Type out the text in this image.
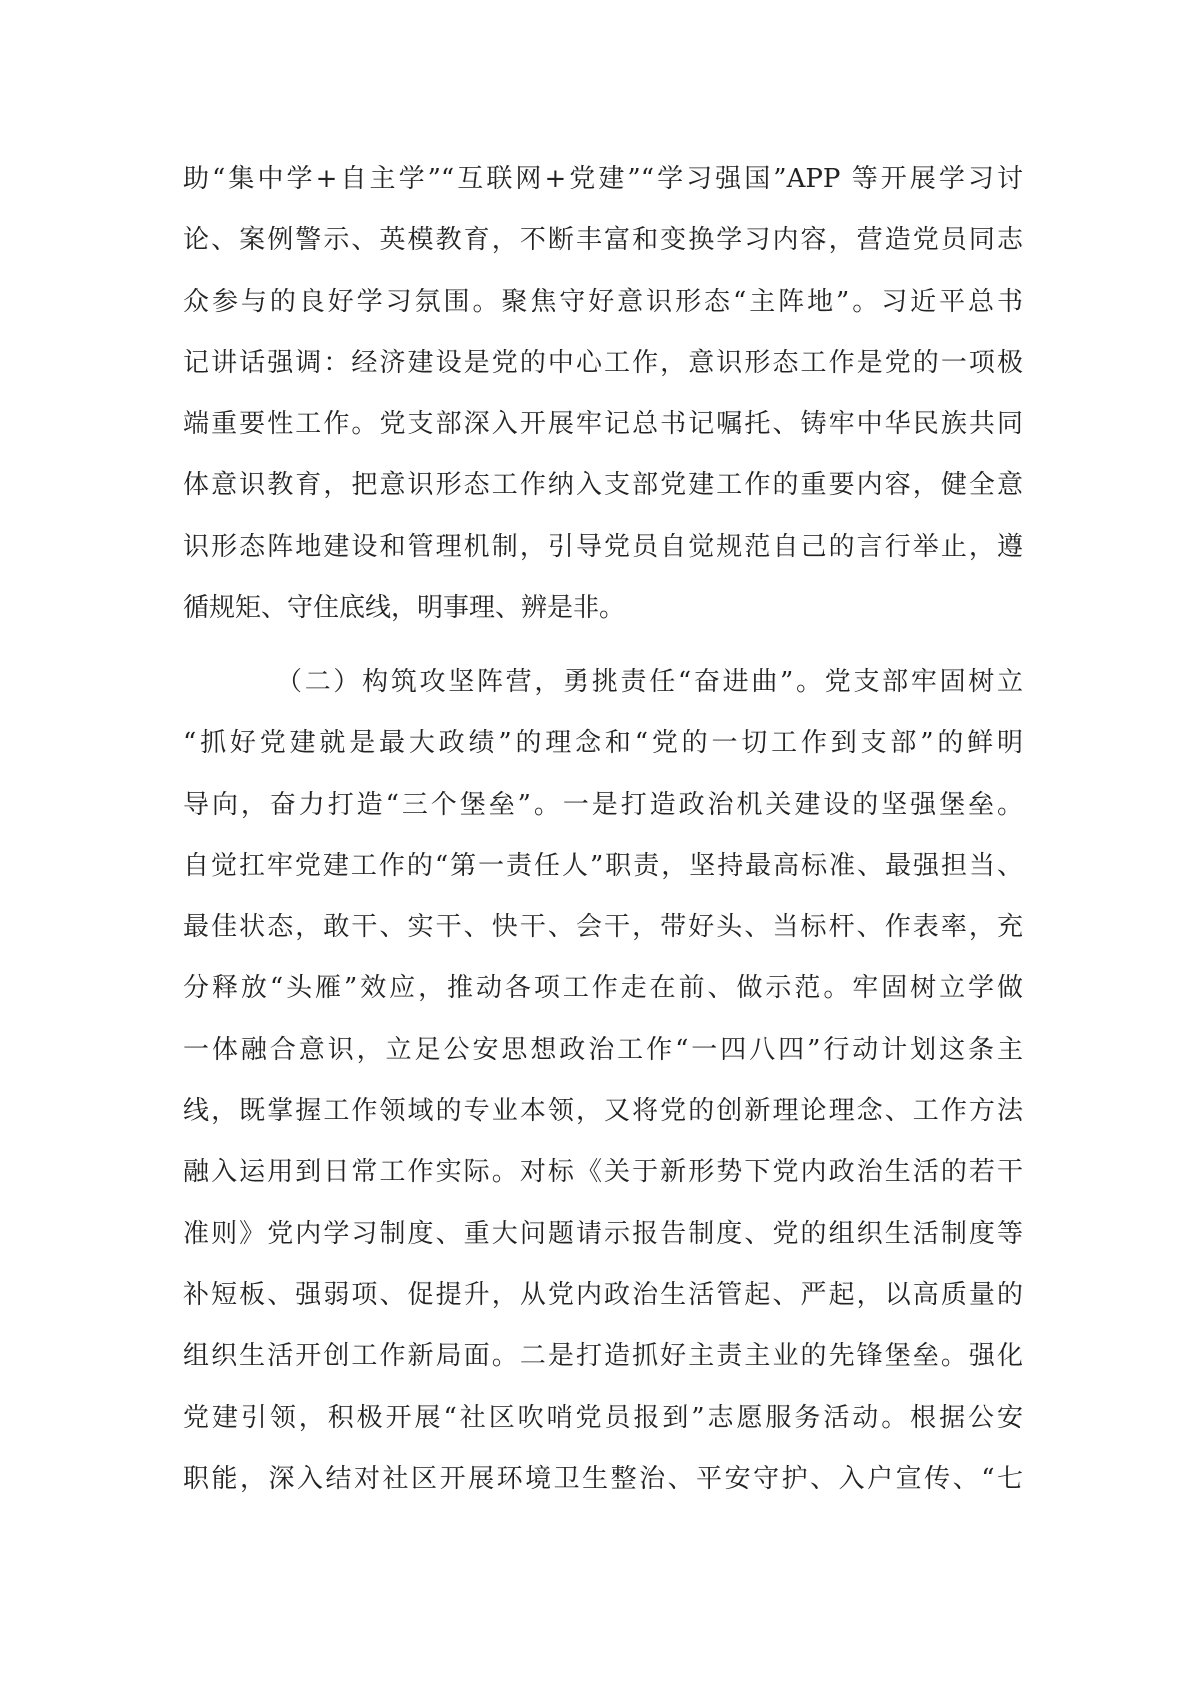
助“集中学+自主学”“互联网+党建”“学习强国”APP 等开展学习讨
论、案例警示、英模教育，不断丰富和变换学习内容，营造党员同志
众参与的良好学习氛围。聚焦守好意识形态“主阵地”。习近平总书
记讲话强调：经济建设是党的中心工作，意识形态工作是党的一项极
端重要性工作。党支部深入开展牢记总书记嘱托、铸牢中华民族共同
体意识教育，把意识形态工作纳入支部党建工作的重要内容，健全意
识形态阵地建设和管理机制，引导党员自觉规范自己的言行举止，遵
循规矩、守住底线，明事理、辨是非。
（二）构筑攻坚阵营，勇挑责任“奋进曲”。党支部牢固树立
“抓好党建就是最大政绩”的理念和“党的一切工作到支部”的鲜明
导向，奋力打造“三个堡垒”。一是打造政治机关建设的坚强堡垒。
自觉扛牢党建工作的“第一责任人”职责，坚持最高标准、最强担当、
最佳状态，敢干、实干、快干、会干，带好头、当标杆、作表率，充
分释放“头雁”效应，推动各项工作走在前、做示范。牢固树立学做
一体融合意识，立足公安思想政治工作“一四八四”行动计划这条主
线，既掌握工作领域的专业本领，又将党的创新理论理念、工作方法
融入运用到日常工作实际。对标《关于新形势下党内政治生活的若干
准则》党内学习制度、重大问题请示报告制度、党的组织生活制度等
补短板、强弱项、促提升，从党内政治生活管起、严起，以高质量的
组织生活开创工作新局面。二是打造抓好主责主业的先锋堡垒。强化
党建引领，积极开展“社区吹哨党员报到”志愿服务活动。根据公安
职能，深入结对社区开展环境卫生整治、平安守护、入户宣传、“七
